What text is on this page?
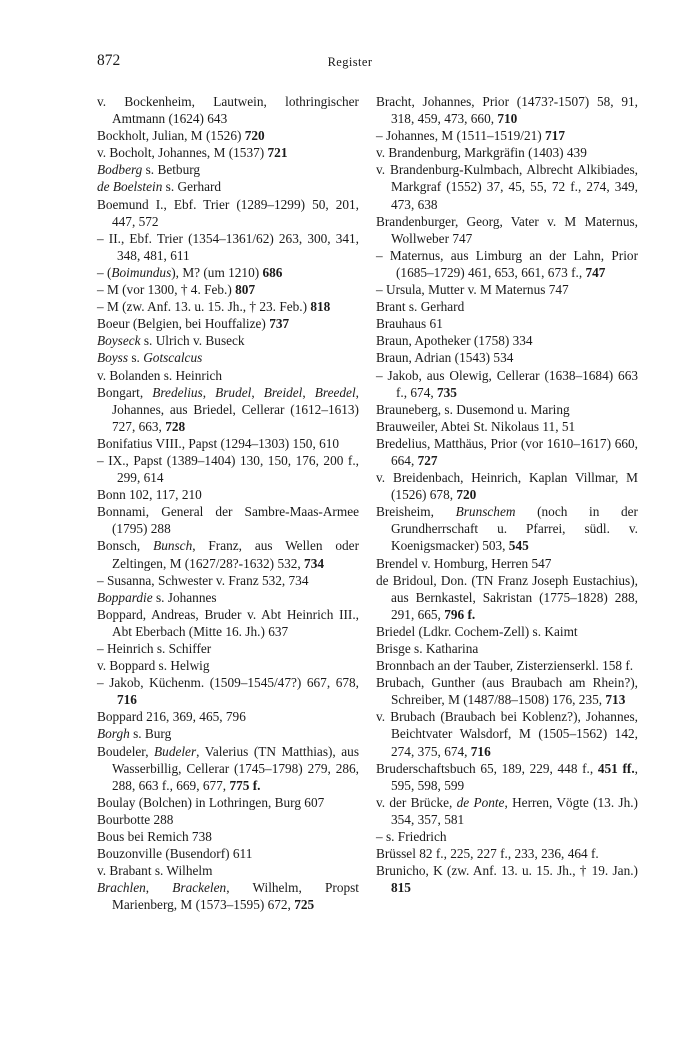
872	Register

v. Bockenheim, Lautwein, lothringischer Amtmann (1624) 643

Bockholt, Julian, M (1526) 720

v. Bocholt, Johannes, M (1537) 721

Bodberg s. Betburg

de Boelstein s. Gerhard

Boemund I., Ebf. Trier (1289–1299) 50, 201, 447, 572

– II., Ebf. Trier (1354–1361/62) 263, 300, 341, 348, 481, 611

– (Boimundus), M? (um 1210) 686

– M (vor 1300, † 4. Feb.) 807

– M (zw. Anf. 13. u. 15. Jh., † 23. Feb.) 818

Boeur (Belgien, bei Houffalize) 737

Boyseck s. Ulrich v. Buseck

Boyss s. Gotscalcus

v. Bolanden s. Heinrich

Bongart, Bredelius, Brudel, Breidel, Breedel, Johannes, aus Briedel, Cellerar (1612–1613) 727, 663, 728

Bonifatius VIII., Papst (1294–1303) 150, 610

– IX., Papst (1389–1404) 130, 150, 176, 200 f., 299, 614

Bonn 102, 117, 210

Bonnami, General der Sambre-Maas-Armee (1795) 288

Bonsch, Bunsch, Franz, aus Wellen oder Zeltingen, M (1627/28?-1632) 532, 734

– Susanna, Schwester v. Franz 532, 734

Boppardie s. Johannes

Boppard, Andreas, Bruder v. Abt Heinrich III., Abt Eberbach (Mitte 16. Jh.) 637

– Heinrich s. Schiffer

v. Boppard s. Helwig

– Jakob, Küchenm. (1509–1545/47?) 667, 678, 716

Boppard 216, 369, 465, 796

Borgh s. Burg

Boudeler, Budeler, Valerius (TN Matthias), aus Wasserbillig, Cellerar (1745–1798) 279, 286, 288, 663 f., 669, 677, 775 f.

Boulay (Bolchen) in Lothringen, Burg 607

Bourbotte 288

Bous bei Remich 738

Bouzonville (Busendorf) 611

v. Brabant s. Wilhelm

Brachlen, Brackelen, Wilhelm, Propst Marienberg, M (1573–1595) 672, 725

Bracht, Johannes, Prior (1473?-1507) 58, 91, 318, 459, 473, 660, 710

– Johannes, M (1511–1519/21) 717

v. Brandenburg, Markgräfin (1403) 439

v. Brandenburg-Kulmbach, Albrecht Alkibiades, Markgraf (1552) 37, 45, 55, 72 f., 274, 349, 473, 638

Brandenburger, Georg, Vater v. M Maternus, Wollweber 747

– Maternus, aus Limburg an der Lahn, Prior (1685–1729) 461, 653, 661, 673 f., 747

– Ursula, Mutter v. M Maternus 747

Brant s. Gerhard

Brauhaus 61

Braun, Apotheker (1758) 334

Braun, Adrian (1543) 534

– Jakob, aus Olewig, Cellerar (1638–1684) 663 f., 674, 735

Brauneberg, s. Dusemond u. Maring

Brauweiler, Abtei St. Nikolaus 11, 51

Bredelius, Matthäus, Prior (vor 1610–1617) 660, 664, 727

v. Breidenbach, Heinrich, Kaplan Villmar, M (1526) 678, 720

Breisheim, Brunschem (noch in der Grundherrschaft u. Pfarrei, südl. v. Koenigsmacker) 503, 545

Brendel v. Homburg, Herren 547

de Bridoul, Don. (TN Franz Joseph Eustachius), aus Bernkastel, Sakristan (1775–1828) 288, 291, 665, 796 f.

Briedel (Ldkr. Cochem-Zell) s. Kaimt

Brisge s. Katharina

Bronnbach an der Tauber, Zisterzienserkl. 158 f.

Brubach, Gunther (aus Braubach am Rhein?), Schreiber, M (1487/88–1508) 176, 235, 713

v. Brubach (Braubach bei Koblenz?), Johannes, Beichtvater Walsdorf, M (1505–1562) 142, 274, 375, 674, 716

Bruderschaftsbuch 65, 189, 229, 448 f., 451 ff., 595, 598, 599

v. der Brücke, de Ponte, Herren, Vögte (13. Jh.) 354, 357, 581

– s. Friedrich

Brüssel 82 f., 225, 227 f., 233, 236, 464 f.

Brunicho, K (zw. Anf. 13. u. 15. Jh., † 19. Jan.) 815
